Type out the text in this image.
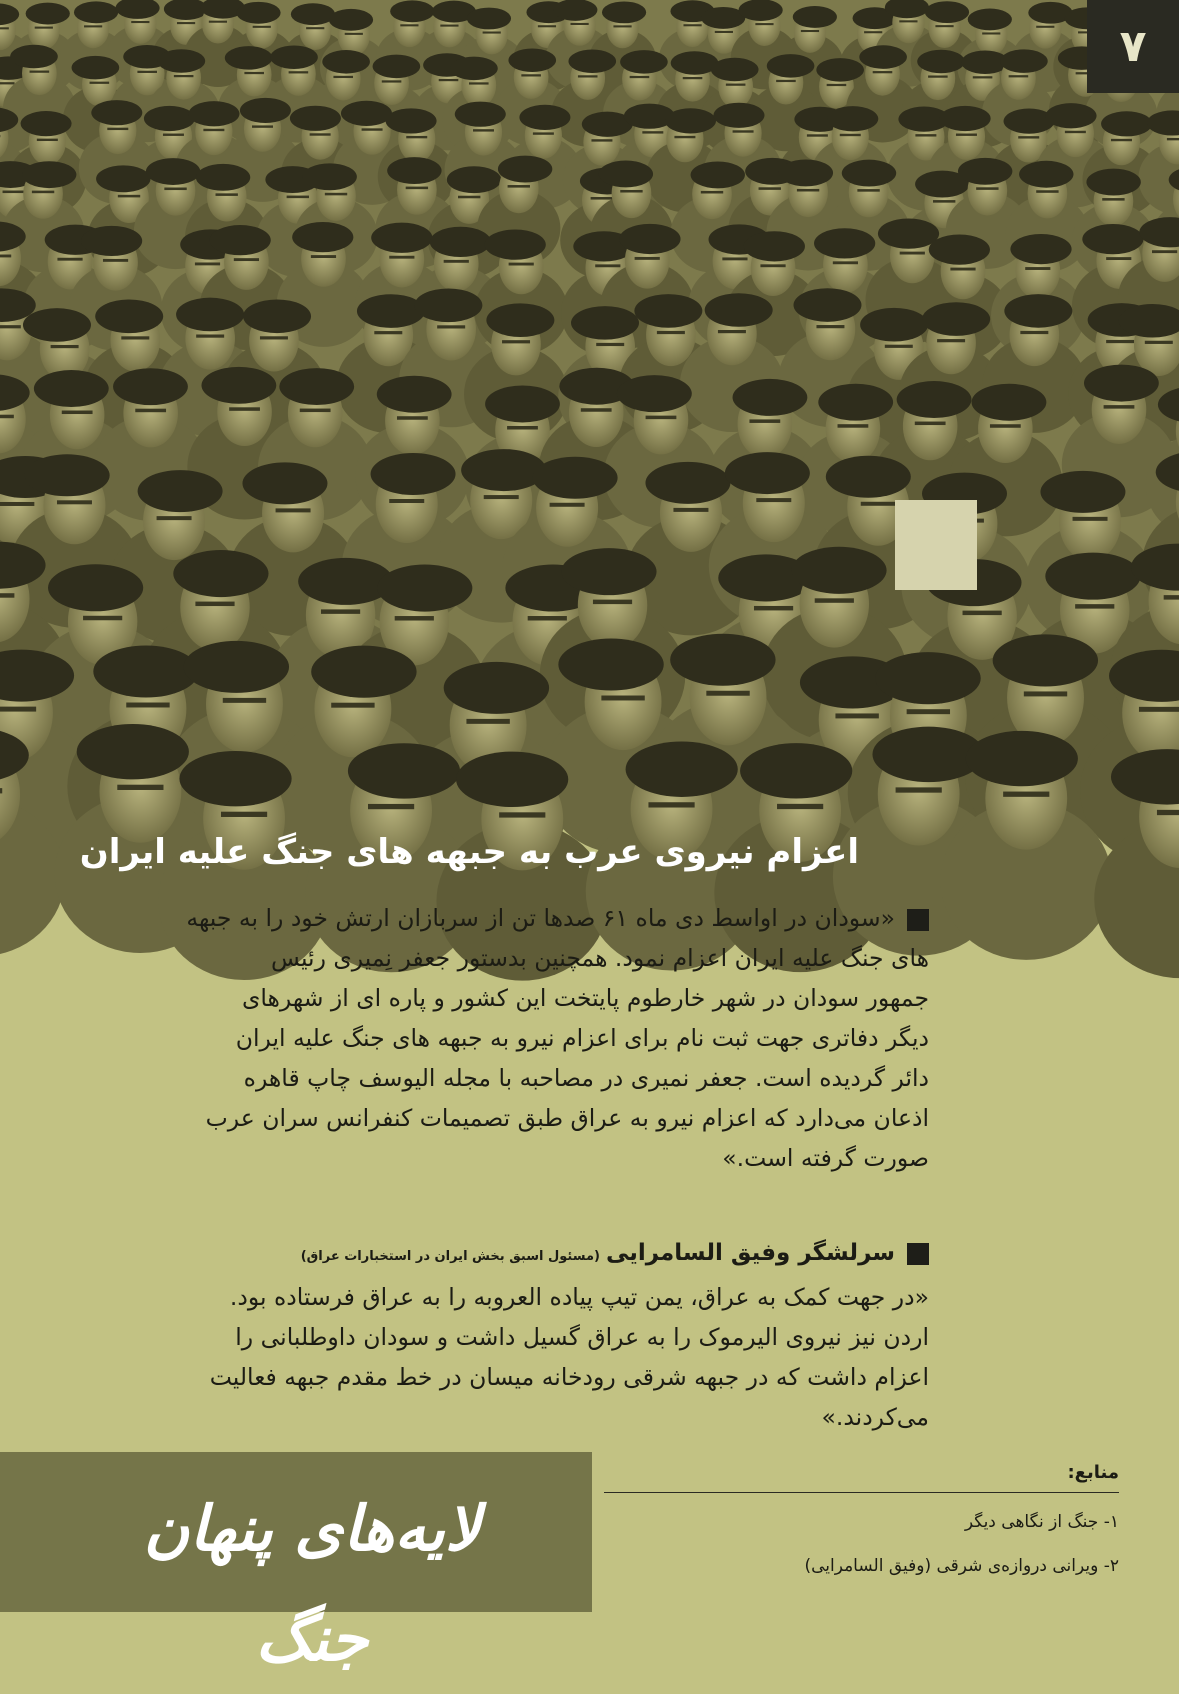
۷
اعزام نیروی عرب به جبهه های جنگ علیه ایران
«سودان در اواسط دی ماه ۶۱ صدها تن از سربازان ارتش خود را به جبهه
های جنگ علیه ایران اعزام نمود. همچنین بدستور جعفر نِمیری رئیس
جمهور سودان در شهر خارطوم پایتخت این کشور و پاره ای از شهرهای
دیگر دفاتری جهت ثبت نام برای اعزام نیرو به جبهه های جنگ علیه ایران
دائر گردیده است. جعفر نمیری در مصاحبه با مجله الیوسف چاپ قاهره
اذعان می‌دارد که اعزام نیرو به عراق طبق تصمیمات کنفرانس سران عرب
صورت گرفته است.»
سرلشگر وفیق السامرایی(مسئول اسبق بخش ایران در استخبارات عراق)
«در جهت کمک به عراق، یمن تیپ پیاده العروبه را به عراق فرستاده بود.
اردن نیز نیروی الیرموک را به عراق گسیل داشت و سودان داوطلبانی را
اعزام داشت که در جبهه شرقی رودخانه میسان در خط مقدم جبهه فعالیت
می‌کردند.»
لایه‌های پنهان جنگ
منابع:
۱- جنگ از نگاهی دیگر
۲- ویرانی دروازه‌ی شرقی (وفیق السامرایی)
